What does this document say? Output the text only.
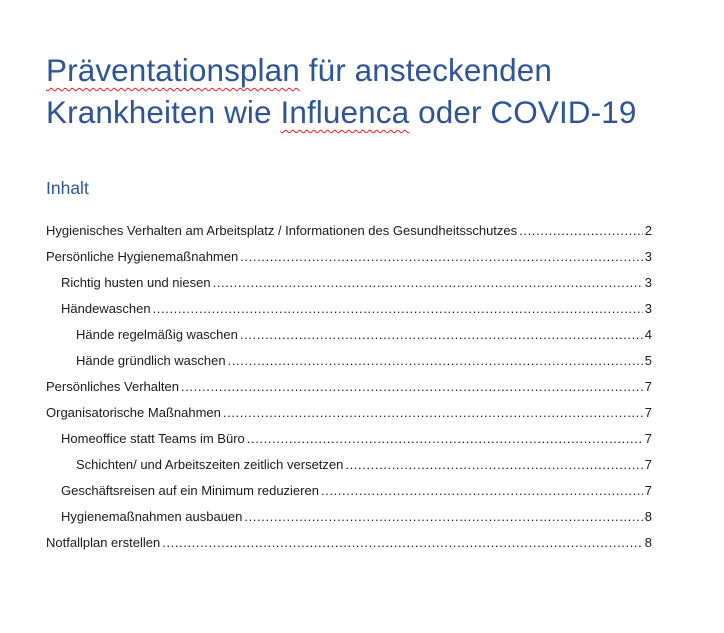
Präventationsplan für ansteckenden
Krankheiten wie Influenca oder COVID-19
Inhalt
Hygienisches Verhalten am Arbeitsplatz / Informationen des Gesundheitsschutzes .....	2
Persönliche Hygienemaßnahmen .....	3
Richtig husten und niesen .....	3
Händewaschen .....	3
Hände regelmäßig waschen .....	4
Hände gründlich waschen .....	5
Persönliches Verhalten .....	7
Organisatorische Maßnahmen .....	7
Homeoffice statt Teams im Büro .....	7
Schichten/ und Arbeitszeiten zeitlich versetzen .....	7
Geschäftsreisen auf ein Minimum reduzieren .....	7
Hygienemaßnahmen ausbauen .....	8
Notfallplan erstellen .....	8
